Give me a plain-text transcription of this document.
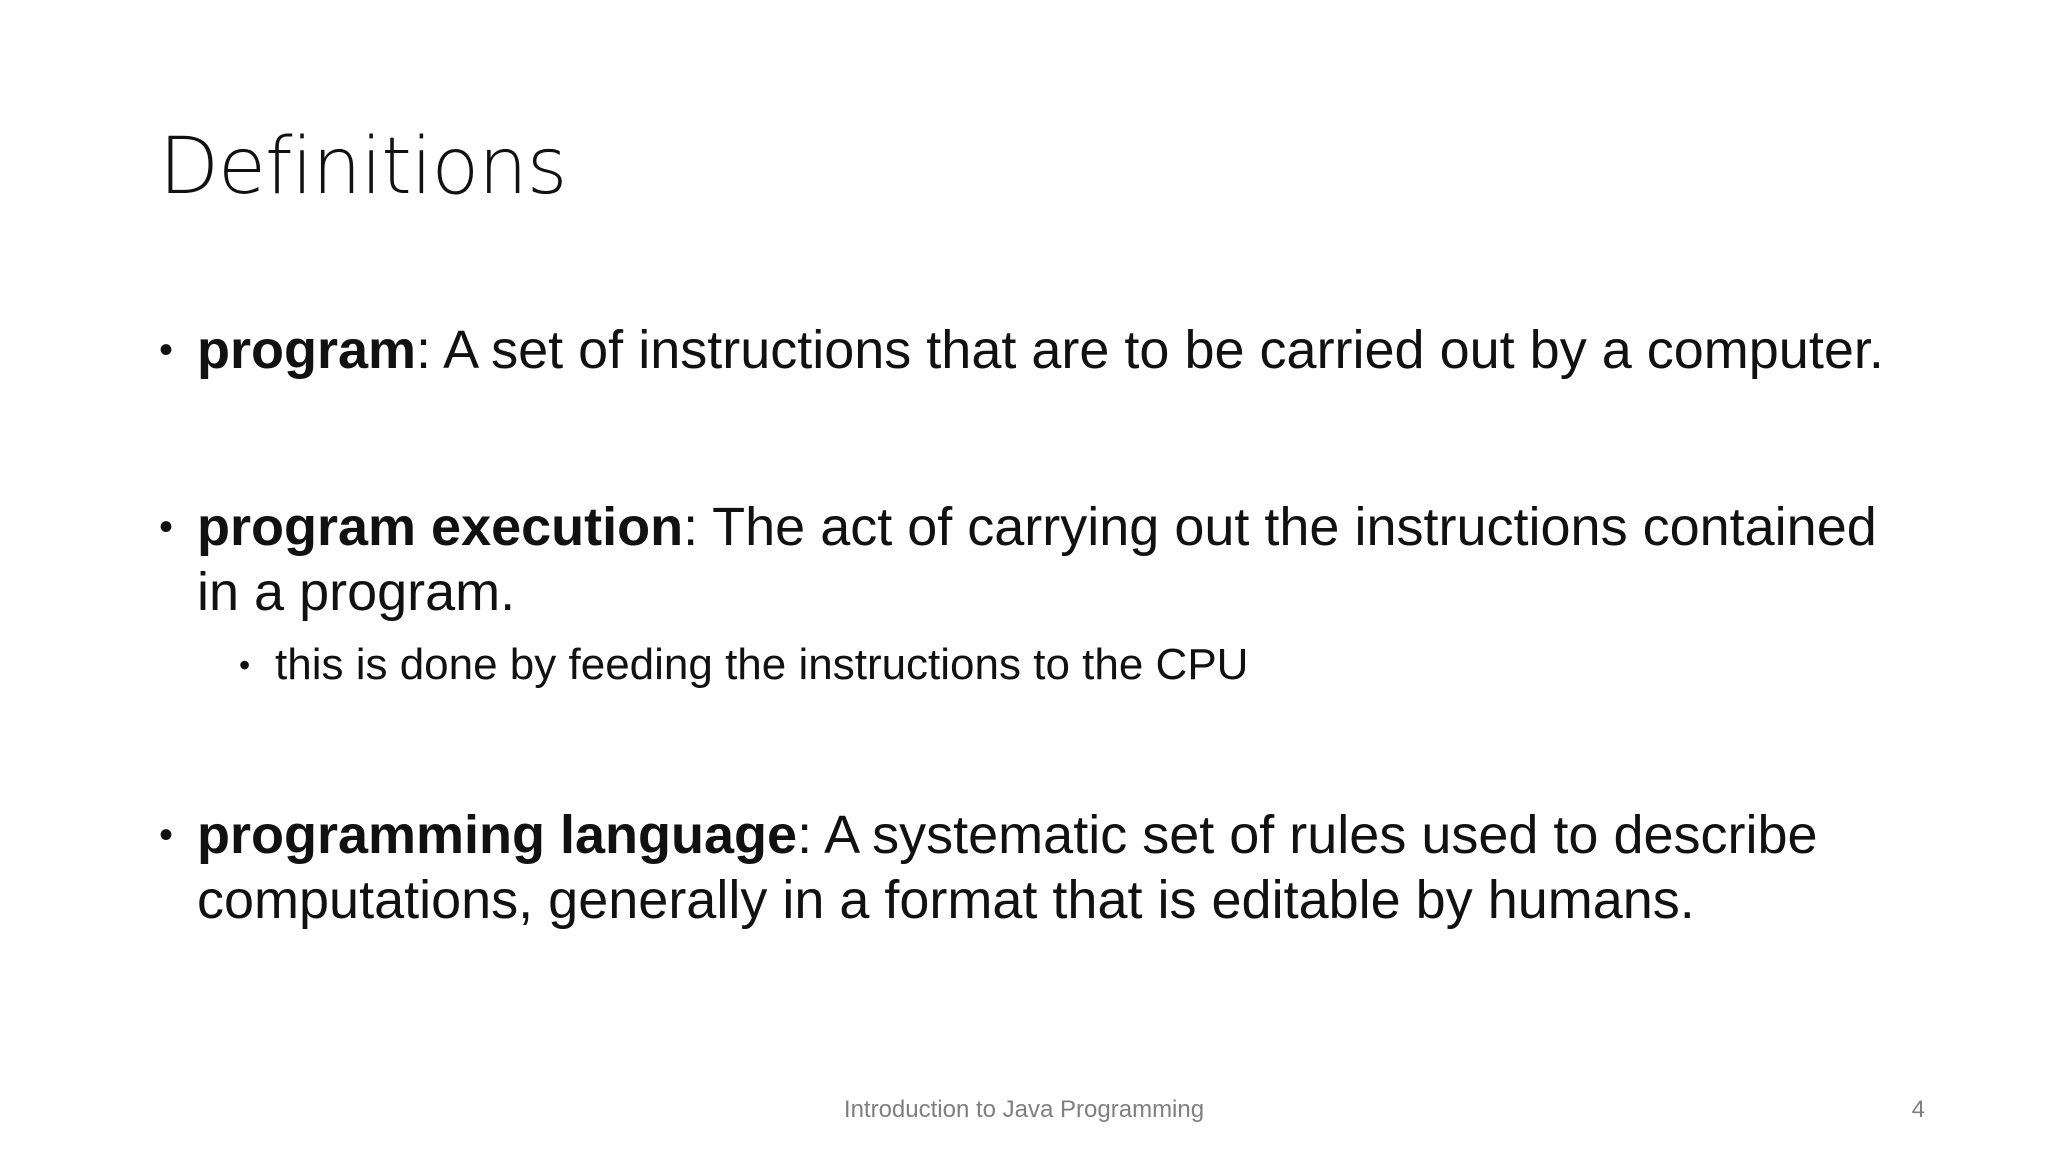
Definitions
• program: A set of instructions that are to be carried out by a computer.
• program execution: The act of carrying out the instructions contained in a program.
• this is done by feeding the instructions to the CPU
• programming language: A systematic set of rules used to describe computations, generally in a format that is editable by humans.
Introduction to Java Programming	4
